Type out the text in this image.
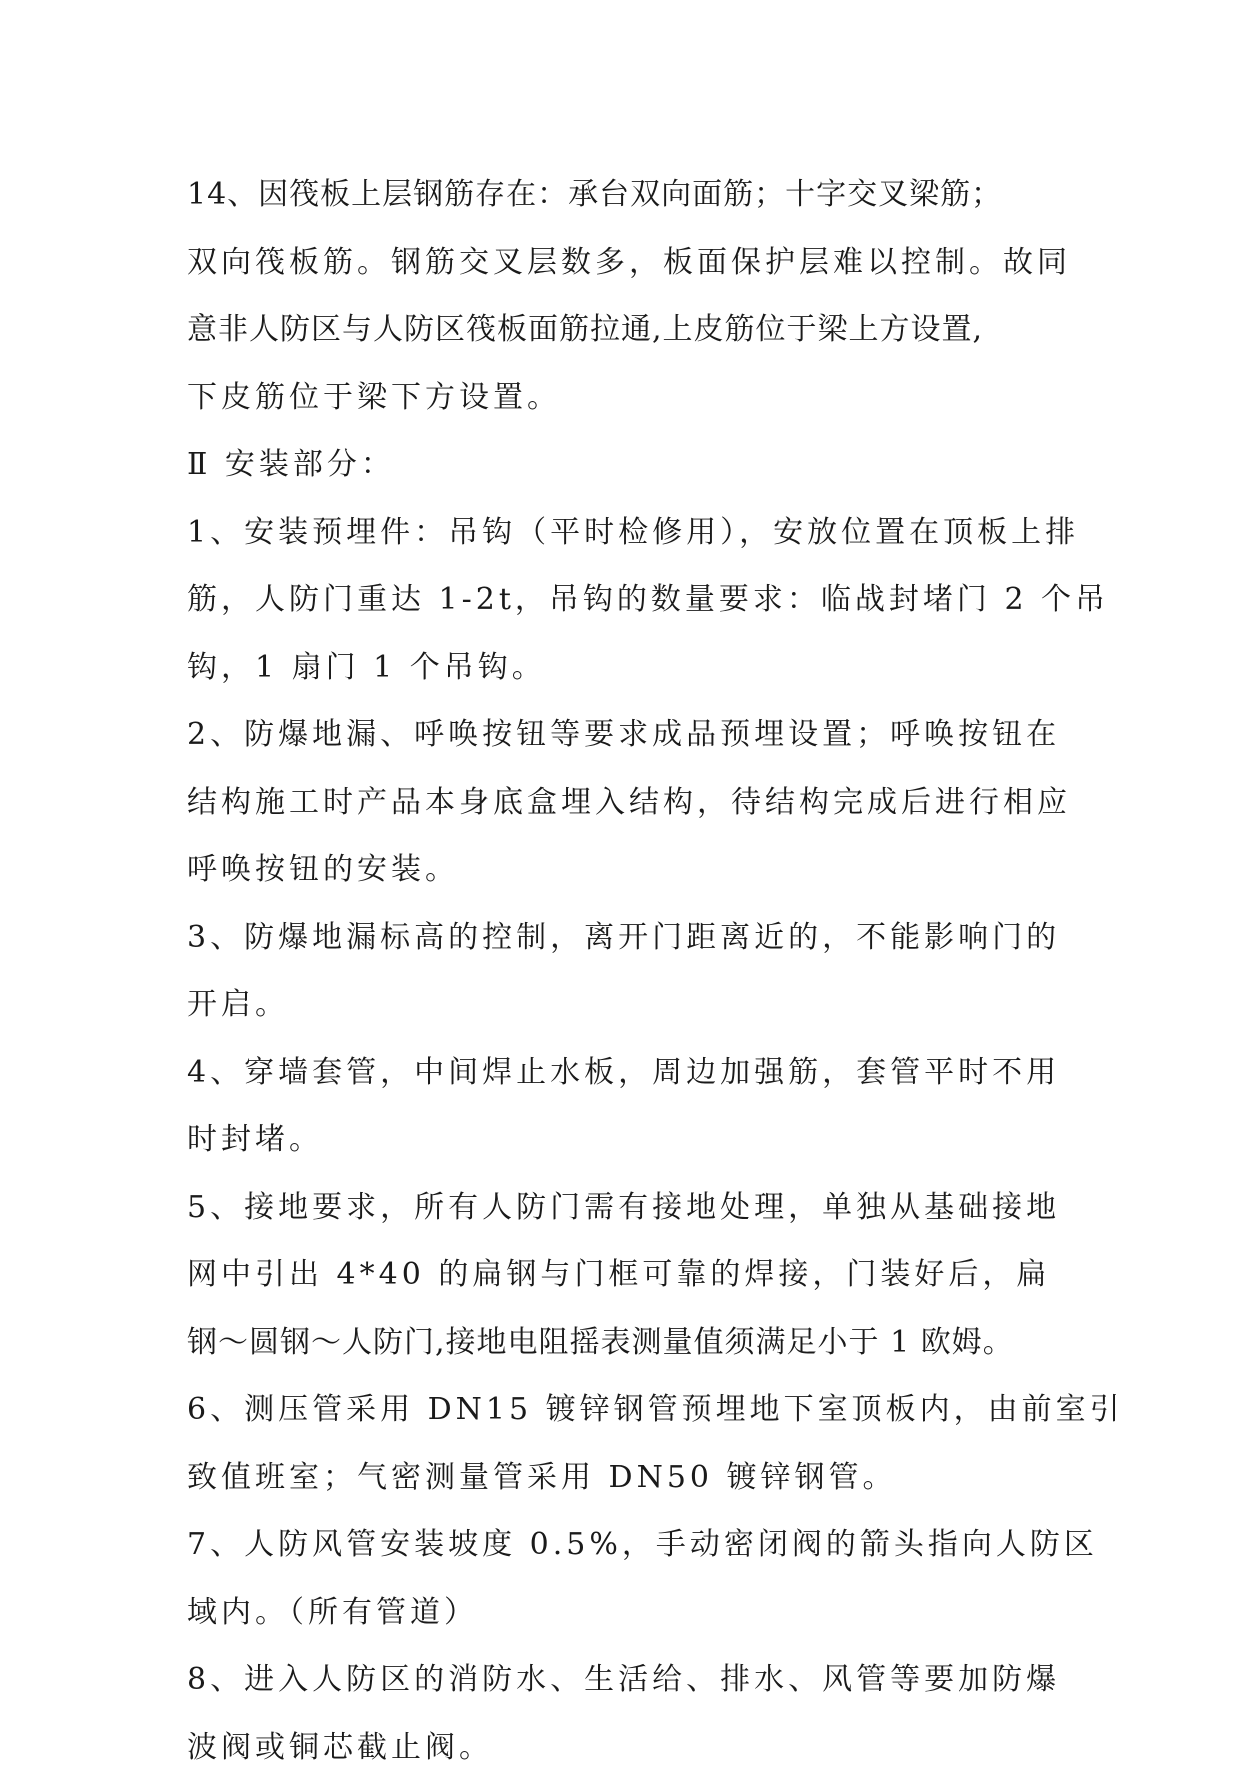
14、因筏板上层钢筋存在：承台双向面筋；十字交叉梁筋；
双向筏板筋。钢筋交叉层数多，板面保护层难以控制。故同
意非人防区与人防区筏板面筋拉通,上皮筋位于梁上方设置,
下皮筋位于梁下方设置。
Ⅱ 安装部分：
1、安装预埋件：吊钩（平时检修用），安放位置在顶板上排
筋，人防门重达 1-2t，吊钩的数量要求：临战封堵门 2 个吊
钩，1 扇门 1 个吊钩。
2、防爆地漏、呼唤按钮等要求成品预埋设置；呼唤按钮在
结构施工时产品本身底盒埋入结构，待结构完成后进行相应
呼唤按钮的安装。
3、防爆地漏标高的控制，离开门距离近的，不能影响门的
开启。
4、穿墙套管，中间焊止水板，周边加强筋，套管平时不用
时封堵。
5、接地要求，所有人防门需有接地处理，单独从基础接地
网中引出 4*40 的扁钢与门框可靠的焊接，门装好后，扁
钢～圆钢～人防门,接地电阻摇表测量值须满足小于 1 欧姆。
6、测压管采用 DN15 镀锌钢管预埋地下室顶板内，由前室引
致值班室；气密测量管采用 DN50 镀锌钢管。
7、人防风管安装坡度 0.5%，手动密闭阀的箭头指向人防区
域内。（所有管道）
8、进入人防区的消防水、生活给、排水、风管等要加防爆
波阀或铜芯截止阀。
